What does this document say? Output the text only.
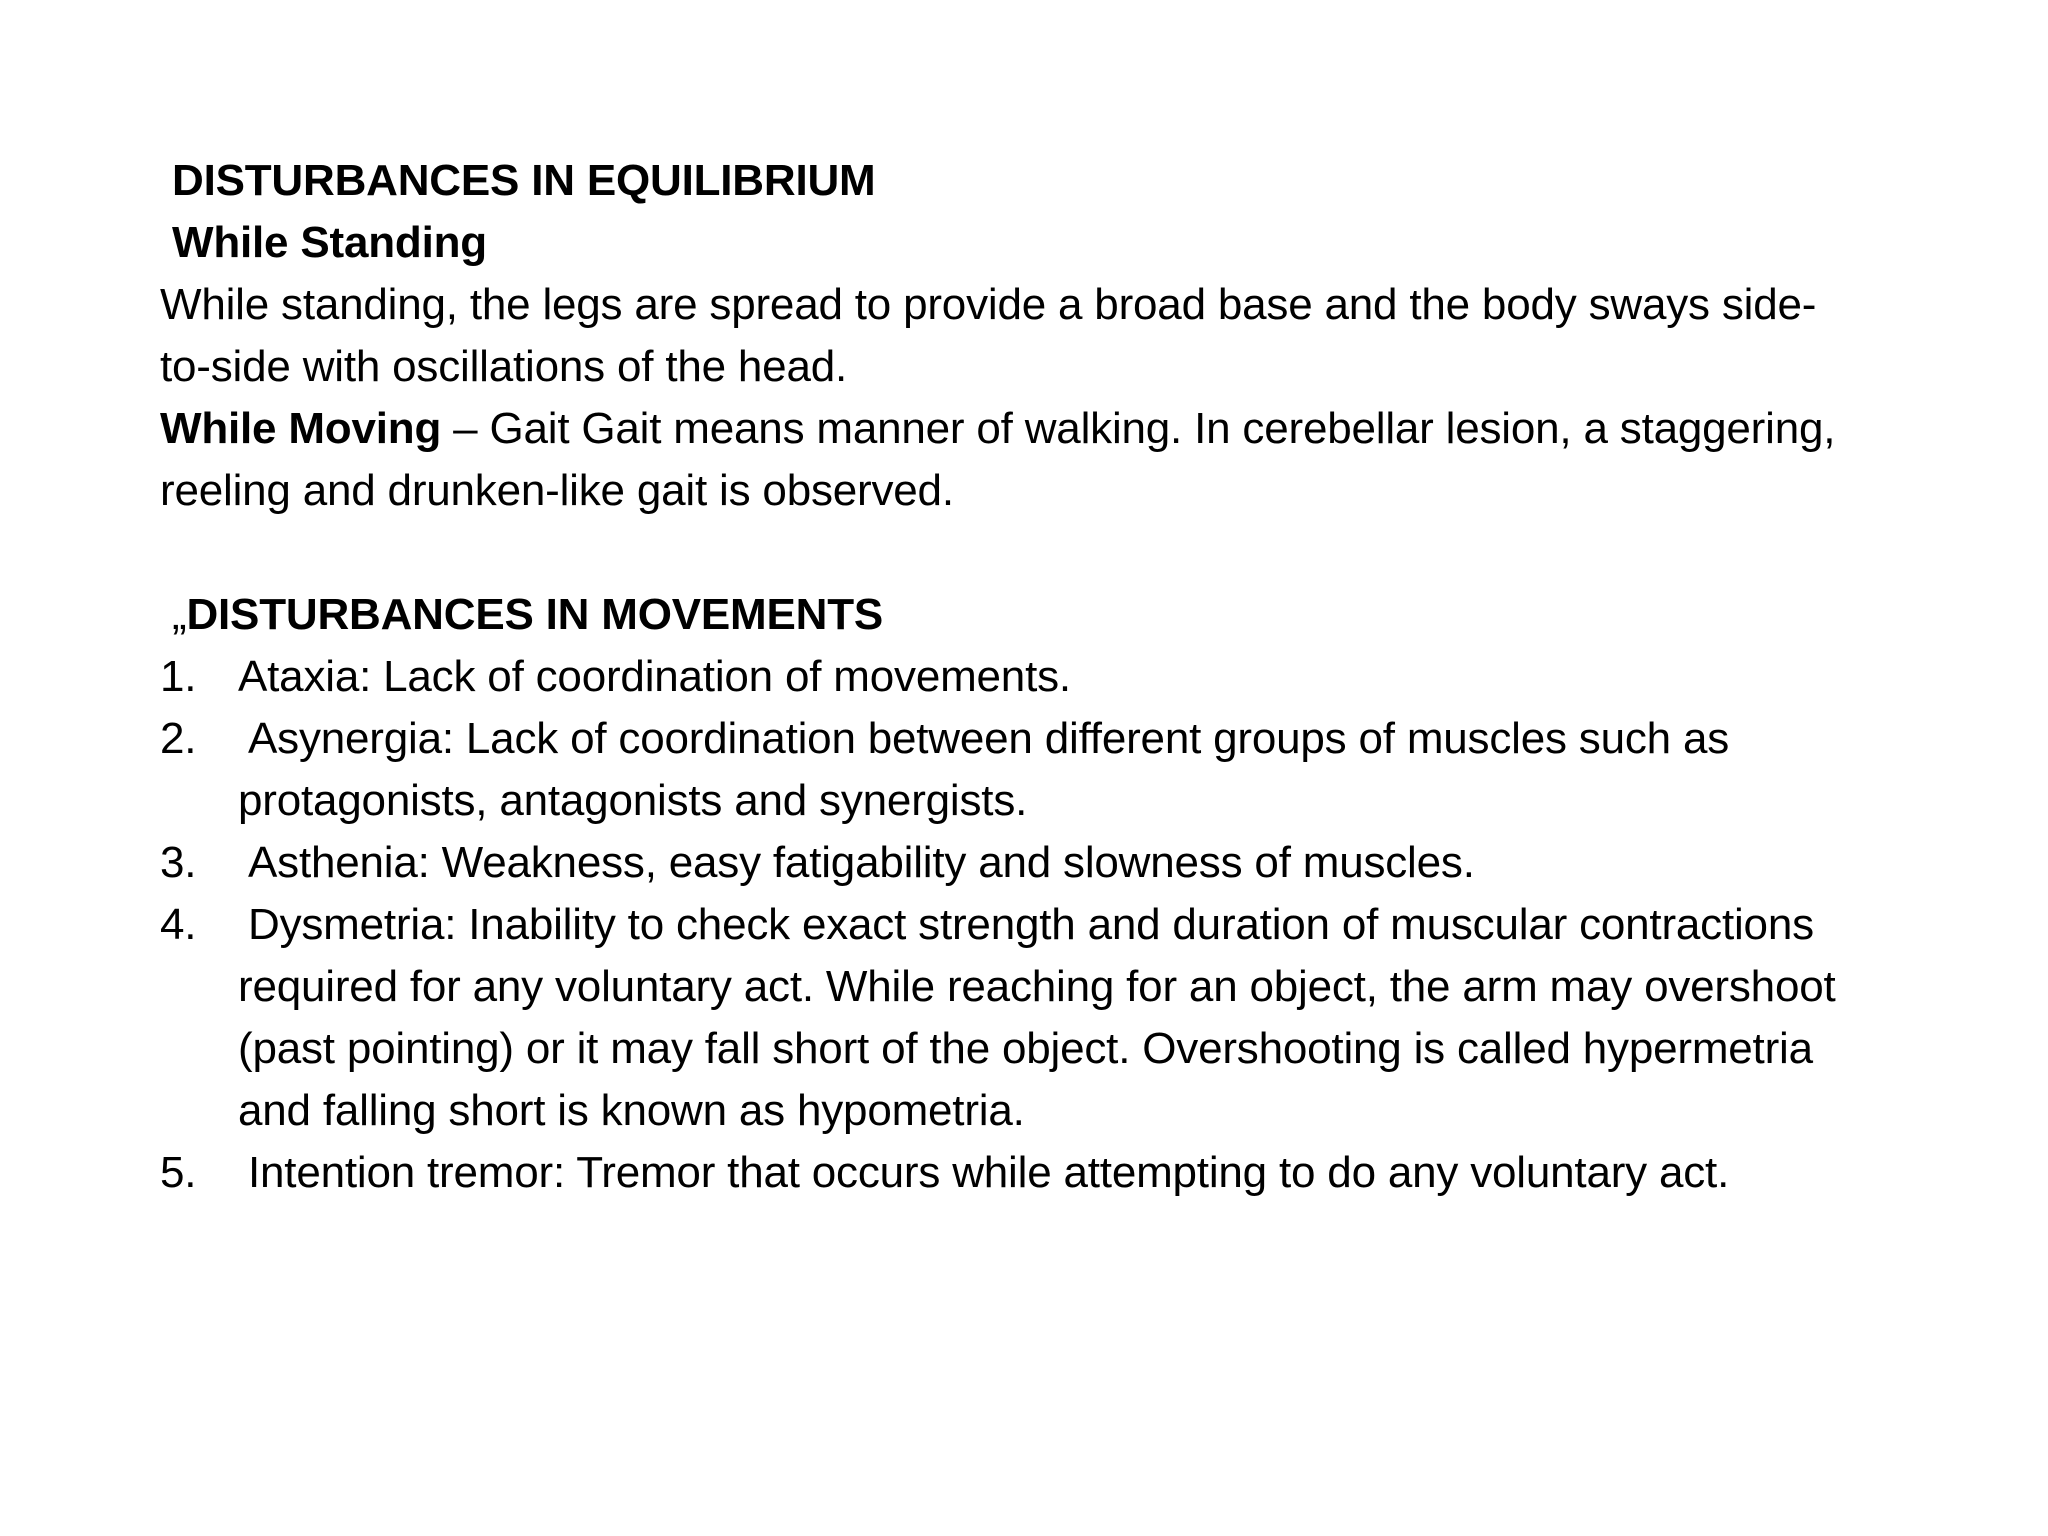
DISTURBANCES IN EQUILIBRIUM

While Standing

While standing, the legs are spread to provide a broad base and the body sways side-to-side with oscillations of the head.

While Moving – Gait Gait means manner of walking. In cerebellar lesion, a staggering, reeling and drunken-like gait is observed.

„DISTURBANCES IN MOVEMENTS

1. Ataxia: Lack of coordination of movements.
2. Asynergia: Lack of coordination between different groups of muscles such as protagonists, antagonists and synergists.
3. Asthenia: Weakness, easy fatigability and slowness of muscles.
4. Dysmetria: Inability to check exact strength and duration of muscular contractions required for any voluntary act. While reaching for an object, the arm may overshoot (past pointing) or it may fall short of the object. Overshooting is called hypermetria and falling short is known as hypometria.
5. Intention tremor: Tremor that occurs while attempting to do any voluntary act.
